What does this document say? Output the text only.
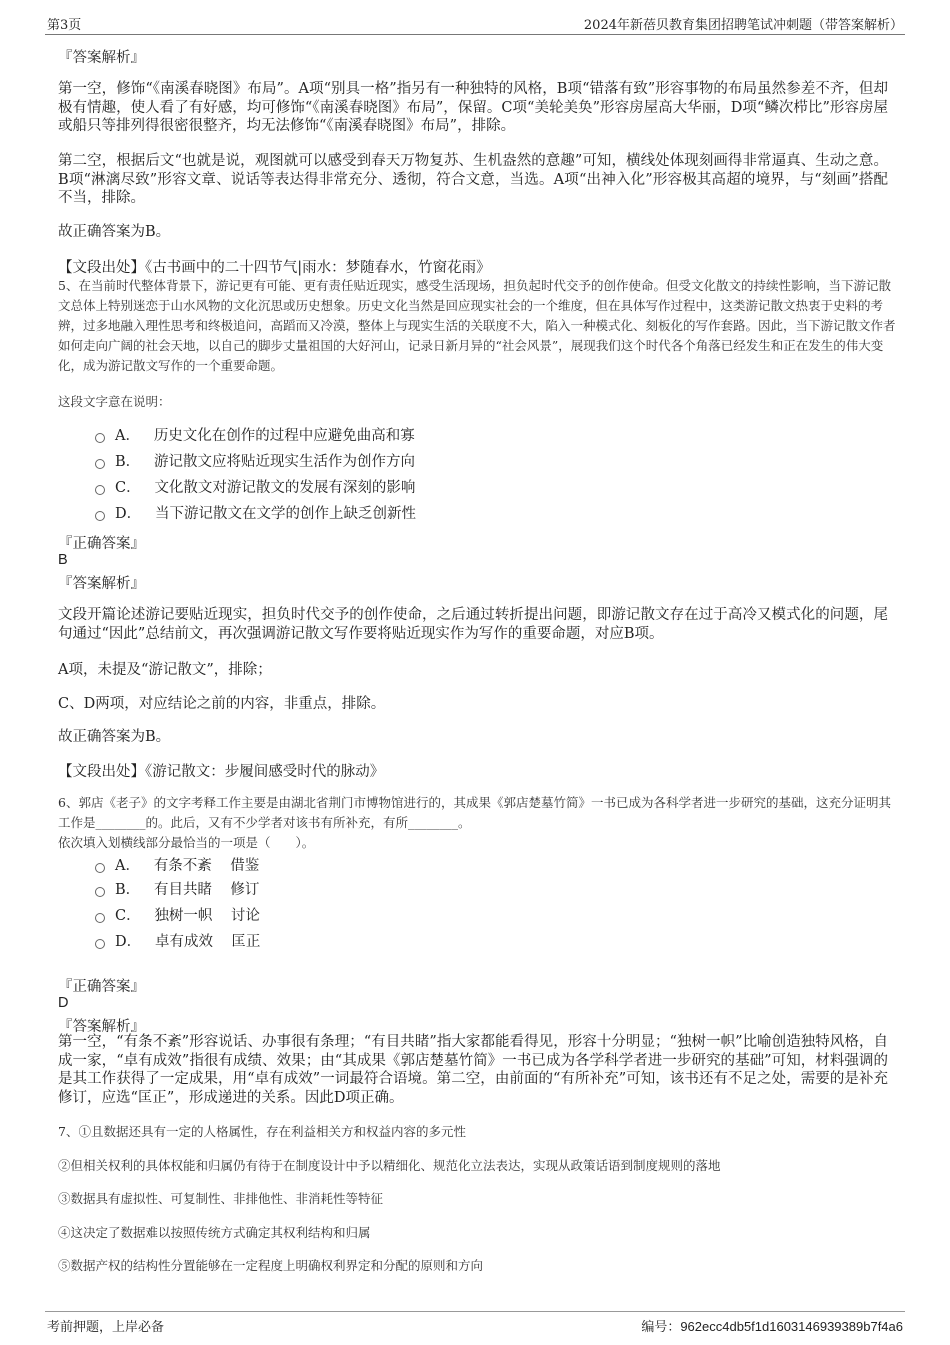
第3页	2024年新蓓贝教育集团招聘笔试冲刺题（带答案解析）
『答案解析』
第一空，修饰“《南溪春晓图》布局”。A项“别具一格”指另有一种独特的风格，B项“错落有致”形容事物的布局虽然参差不齐，但却极有情趣，使人看了有好感，均可修饰“《南溪春晓图》布局”，保留。C项“美轮美奂”形容房屋高大华丽，D项“鳞次栉比”形容房屋或船只等排列得很密很整齐，均无法修饰“《南溪春晓图》布局”，排除。
第二空，根据后文“也就是说，观图就可以感受到春天万物复苏、生机盎然的意趣”可知，横线处体现刻画得非常逼真、生动之意。B项“淋漓尽致”形容文章、说话等表达得非常充分、透彻，符合文意，当选。A项“出神入化”形容极其高超的境界，与“刻画”搭配不当，排除。
故正确答案为B。
【文段出处】《古书画中的二十四节气|雨水：梦随春水，竹窗花雨》
5、在当前时代整体背景下，游记更有可能、更有责任贴近现实，感受生活现场，担负起时代交予的创作使命。但受文化散文的持续性影响，当下游记散文总体上特别迷恋于山水风物的文化沉思或历史想象。历史文化当然是回应现实社会的一个维度，但在具体写作过程中，这类游记散文热衷于史料的考辨，过多地融入理性思考和终极追问，高蹈而又冷漠，整体上与现实生活的关联度不大，陷入一种模式化、刻板化的写作套路。因此，当下游记散文作者如何走向广阔的社会天地，以自己的脚步丈量祖国的大好河山，记录日新月异的“社会风景”，展现我们这个时代各个角落已经发生和正在发生的伟大变化，成为游记散文写作的一个重要命题。
这段文字意在说明：
A． 历史文化在创作的过程中应避免曲高和寡
B． 游记散文应将贴近现实生活作为创作方向
C． 文化散文对游记散文的发展有深刻的影响
D． 当下游记散文在文学的创作上缺乏创新性
『正确答案』
B
『答案解析』
文段开篇论述游记要贴近现实，担负时代交予的创作使命，之后通过转折提出问题，即游记散文存在过于高冷又模式化的问题，尾句通过“因此”总结前文，再次强调游记散文写作要将贴近现实作为写作的重要命题，对应B项。
A项，未提及“游记散文”，排除；
C、D两项，对应结论之前的内容，非重点，排除。
故正确答案为B。
【文段出处】《游记散文：步履间感受时代的脉动》
6、郭店《老子》的文字考释工作主要是由湖北省荆门市博物馆进行的，其成果《郭店楚墓竹简》一书已成为各科学者进一步研究的基础，这充分证明其工作是________的。此后，又有不少学者对该书有所补充，有所________。
依次填入划横线部分最恰当的一项是（　　）。
A． 有条不紊 借鉴
B． 有目共睹 修订
C． 独树一帜 讨论
D． 卓有成效 匡正
『正确答案』
D
『答案解析』
第一空，“有条不紊”形容说话、办事很有条理；“有目共睹”指大家都能看得见，形容十分明显；“独树一帜”比喻创造独特风格，自成一家，“卓有成效”指很有成绩、效果；由“其成果《郭店楚墓竹简》一书已成为各学科学者进一步研究的基础”可知，材料强调的是其工作获得了一定成果，用“卓有成效”一词最符合语境。第二空，由前面的“有所补充”可知，该书还有不足之处，需要的是补充修订，应选“匡正”，形成递进的关系。因此D项正确。
7、①且数据还具有一定的人格属性，存在利益相关方和权益内容的多元性
②但相关权利的具体权能和归属仍有待于在制度设计中予以精细化、规范化立法表达，实现从政策话语到制度规则的落地
③数据具有虚拟性、可复制性、非排他性、非消耗性等特征
④这决定了数据难以按照传统方式确定其权利结构和归属
⑤数据产权的结构性分置能够在一定程度上明确权利界定和分配的原则和方向
考前押题，上岸必备	编号：962ecc4db5f1d1603146939389b7f4a6
